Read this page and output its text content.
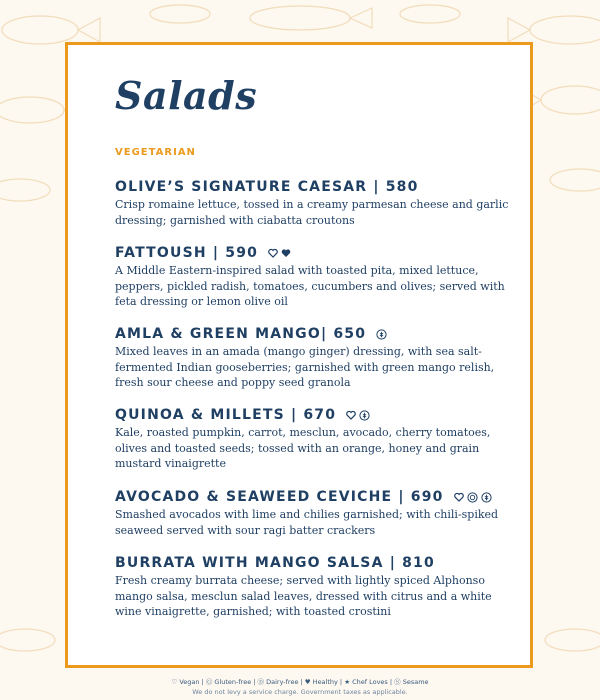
Salads
VEGETARIAN
OLIVE’S SIGNATURE CAESAR | 580
Crisp romaine lettuce, tossed in a creamy parmesan cheese and garlic dressing; garnished with ciabatta croutons
FATTOUSH | 590
A Middle Eastern-inspired salad with toasted pita, mixed lettuce, peppers, pickled radish, tomatoes, cucumbers and olives; served with feta dressing or lemon olive oil
AMLA & GREEN MANGO| 650
Mixed leaves in an amada (mango ginger) dressing, with sea salt-fermented Indian gooseberries; garnished with green mango relish, fresh sour cheese and poppy seed granola
QUINOA & MILLETS | 670
Kale, roasted pumpkin, carrot, mesclun, avocado, cherry tomatoes, olives and toasted seeds; tossed with an orange, honey and grain mustard vinaigrette
AVOCADO & SEAWEED CEVICHE | 690
Smashed avocados with lime and chilies garnished; with chili-spiked seaweed served with sour ragi batter crackers
BURRATA WITH MANGO SALSA | 810
Fresh creamy burrata cheese; served with lightly spiced Alphonso mango salsa, mesclun salad leaves, dressed with citrus and a white wine vinaigrette, garnished; with toasted crostini
♡ Vegan | Ⓖ Gluten-free | Ⓓ Dairy-free | ♥ Healthy | ★ Chef Loves | Ⓢ Sesame
We do not levy a service charge. Government taxes as applicable.
